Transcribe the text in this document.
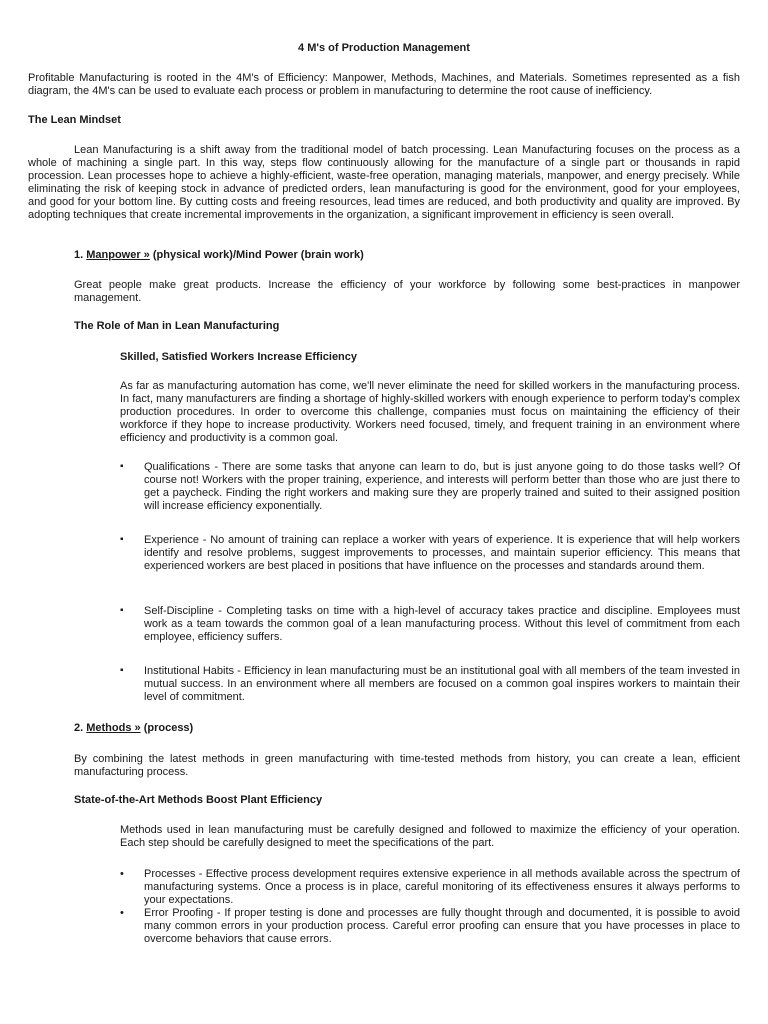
4 M's of Production Management

Profitable Manufacturing is rooted in the 4M's of Efficiency: Manpower, Methods, Machines, and Materials. Sometimes represented as a fish diagram, the 4M's can be used to evaluate each process or problem in manufacturing to determine the root cause of inefficiency.

The Lean Mindset

Lean Manufacturing is a shift away from the traditional model of batch processing. Lean Manufacturing focuses on the process as a whole of machining a single part. In this way, steps flow continuously allowing for the manufacture of a single part or thousands in rapid procession. Lean processes hope to achieve a highly-efficient, waste-free operation, managing materials, manpower, and energy precisely. While eliminating the risk of keeping stock in advance of predicted orders, lean manufacturing is good for the environment, good for your employees, and good for your bottom line. By cutting costs and freeing resources, lead times are reduced, and both productivity and quality are improved. By adopting techniques that create incremental improvements in the organization, a significant improvement in efficiency is seen overall.

1. Manpower » (physical work)/Mind Power (brain work)

Great people make great products. Increase the efficiency of your workforce by following some best-practices in manpower management.

The Role of Man in Lean Manufacturing
Skilled, Satisfied Workers Increase Efficiency

As far as manufacturing automation has come, we'll never eliminate the need for skilled workers in the manufacturing process. In fact, many manufacturers are finding a shortage of highly-skilled workers with enough experience to perform today's complex production procedures. In order to overcome this challenge, companies must focus on maintaining the efficiency of their workforce if they hope to increase productivity. Workers need focused, timely, and frequent training in an environment where efficiency and productivity is a common goal.

▪ Qualifications - There are some tasks that anyone can learn to do, but is just anyone going to do those tasks well? Of course not! Workers with the proper training, experience, and interests will perform better than those who are just there to get a paycheck. Finding the right workers and making sure they are properly trained and suited to their assigned position will increase efficiency exponentially.

▪ Experience - No amount of training can replace a worker with years of experience. It is experience that will help workers identify and resolve problems, suggest improvements to processes, and maintain superior efficiency. This means that experienced workers are best placed in positions that have influence on the processes and standards around them.

▪ Self-Discipline - Completing tasks on time with a high-level of accuracy takes practice and discipline. Employees must work as a team towards the common goal of a lean manufacturing process. Without this level of commitment from each employee, efficiency suffers.

▪ Institutional Habits - Efficiency in lean manufacturing must be an institutional goal with all members of the team invested in mutual success. In an environment where all members are focused on a common goal inspires workers to maintain their level of commitment.

2. Methods » (process)

By combining the latest methods in green manufacturing with time-tested methods from history, you can create a lean, efficient manufacturing process.

State-of-the-Art Methods Boost Plant Efficiency

Methods used in lean manufacturing must be carefully designed and followed to maximize the efficiency of your operation. Each step should be carefully designed to meet the specifications of the part.

• Processes - Effective process development requires extensive experience in all methods available across the spectrum of manufacturing systems. Once a process is in place, careful monitoring of its effectiveness ensures it always performs to your expectations.

• Error Proofing - If proper testing is done and processes are fully thought through and documented, it is possible to avoid many common errors in your production process. Careful error proofing can ensure that you have processes in place to overcome behaviors that cause errors.
